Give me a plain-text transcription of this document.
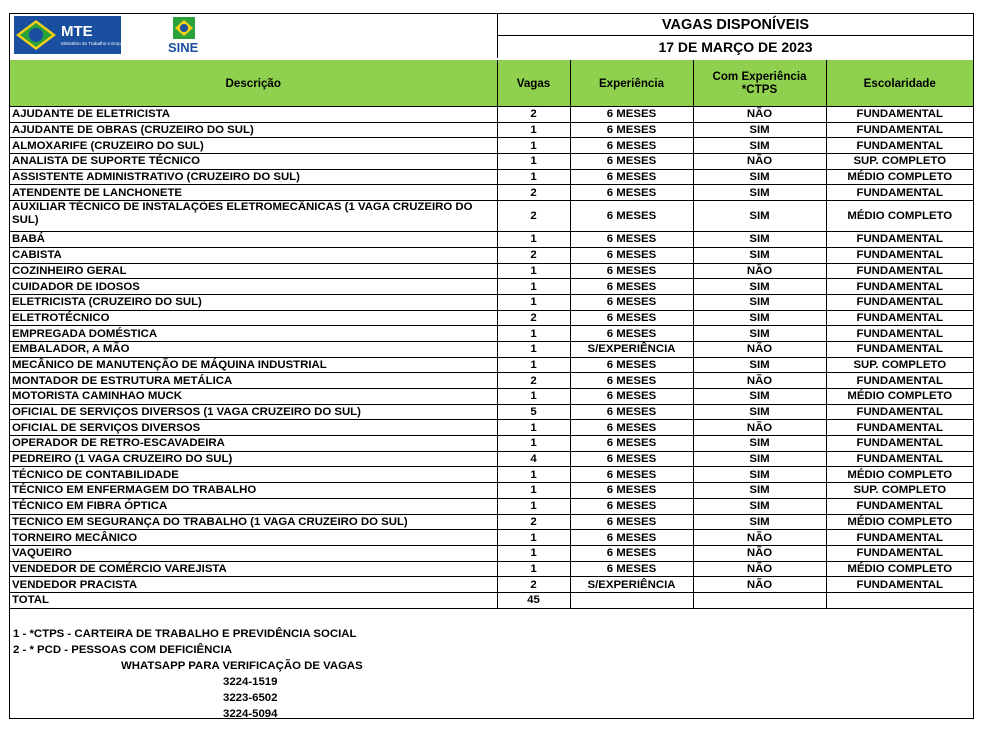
MTE
Ministério do Trabalho e Emprego	SINE
VAGAS DISPONÍVEIS
17 DE MARÇO DE 2023
Descrição	Vagas	Experiência	Com Experiência *CTPS	Escolaridade
AJUDANTE DE ELETRICISTA	2	6 MESES	NÃO	FUNDAMENTAL
AJUDANTE DE OBRAS (CRUZEIRO DO SUL)	1	6 MESES	SIM	FUNDAMENTAL
ALMOXARIFE (CRUZEIRO DO SUL)	1	6 MESES	SIM	FUNDAMENTAL
ANALISTA DE SUPORTE TÉCNICO	1	6 MESES	NÃO	SUP. COMPLETO
ASSISTENTE ADMINISTRATIVO (CRUZEIRO DO SUL)	1	6 MESES	SIM	MÉDIO COMPLETO
ATENDENTE DE LANCHONETE	2	6 MESES	SIM	FUNDAMENTAL
AUXILIAR TÉCNICO DE INSTALAÇÕES ELETROMECÂNICAS (1 VAGA CRUZEIRO DO SUL)	2	6 MESES	SIM	MÉDIO COMPLETO
BABÁ	1	6 MESES	SIM	FUNDAMENTAL
CABISTA	2	6 MESES	SIM	FUNDAMENTAL
COZINHEIRO GERAL	1	6 MESES	NÃO	FUNDAMENTAL
CUIDADOR DE IDOSOS	1	6 MESES	SIM	FUNDAMENTAL
ELETRICISTA (CRUZEIRO DO SUL)	1	6 MESES	SIM	FUNDAMENTAL
ELETROTÉCNICO	2	6 MESES	SIM	FUNDAMENTAL
EMPREGADA DOMÉSTICA	1	6 MESES	SIM	FUNDAMENTAL
EMBALADOR, A MÃO	1	S/EXPERIÊNCIA	NÃO	FUNDAMENTAL
MECÂNICO DE MANUTENÇÃO DE MÁQUINA INDUSTRIAL	1	6 MESES	SIM	SUP. COMPLETO
MONTADOR DE ESTRUTURA METÁLICA	2	6 MESES	NÃO	FUNDAMENTAL
MOTORISTA CAMINHAO MUCK	1	6 MESES	SIM	MÉDIO COMPLETO
OFICIAL DE SERVIÇOS DIVERSOS (1 VAGA CRUZEIRO DO SUL)	5	6 MESES	SIM	FUNDAMENTAL
OFICIAL DE SERVIÇOS DIVERSOS	1	6 MESES	NÃO	FUNDAMENTAL
OPERADOR DE RETRO-ESCAVADEIRA	1	6 MESES	SIM	FUNDAMENTAL
PEDREIRO (1 VAGA CRUZEIRO DO SUL)	4	6 MESES	SIM	FUNDAMENTAL
TÉCNICO DE CONTABILIDADE	1	6 MESES	SIM	MÉDIO COMPLETO
TÉCNICO EM ENFERMAGEM DO TRABALHO	1	6 MESES	SIM	SUP. COMPLETO
TÉCNICO EM FIBRA ÓPTICA	1	6 MESES	SIM	FUNDAMENTAL
TECNICO EM SEGURANÇA DO TRABALHO (1 VAGA CRUZEIRO DO SUL)	2	6 MESES	SIM	MÉDIO COMPLETO
TORNEIRO MECÂNICO	1	6 MESES	NÃO	FUNDAMENTAL
VAQUEIRO	1	6 MESES	NÃO	FUNDAMENTAL
VENDEDOR DE COMÉRCIO VAREJISTA	1	6 MESES	NÃO	MÉDIO COMPLETO
VENDEDOR PRACISTA	2	S/EXPERIÊNCIA	NÃO	FUNDAMENTAL
TOTAL	45			
1 - *CTPS - CARTEIRA DE TRABALHO E PREVIDÊNCIA SOCIAL
2 - * PCD - PESSOAS COM DEFICIÊNCIA
WHATSAPP PARA VERIFICAÇÃO DE VAGAS
3224-1519
3223-6502
3224-5094
